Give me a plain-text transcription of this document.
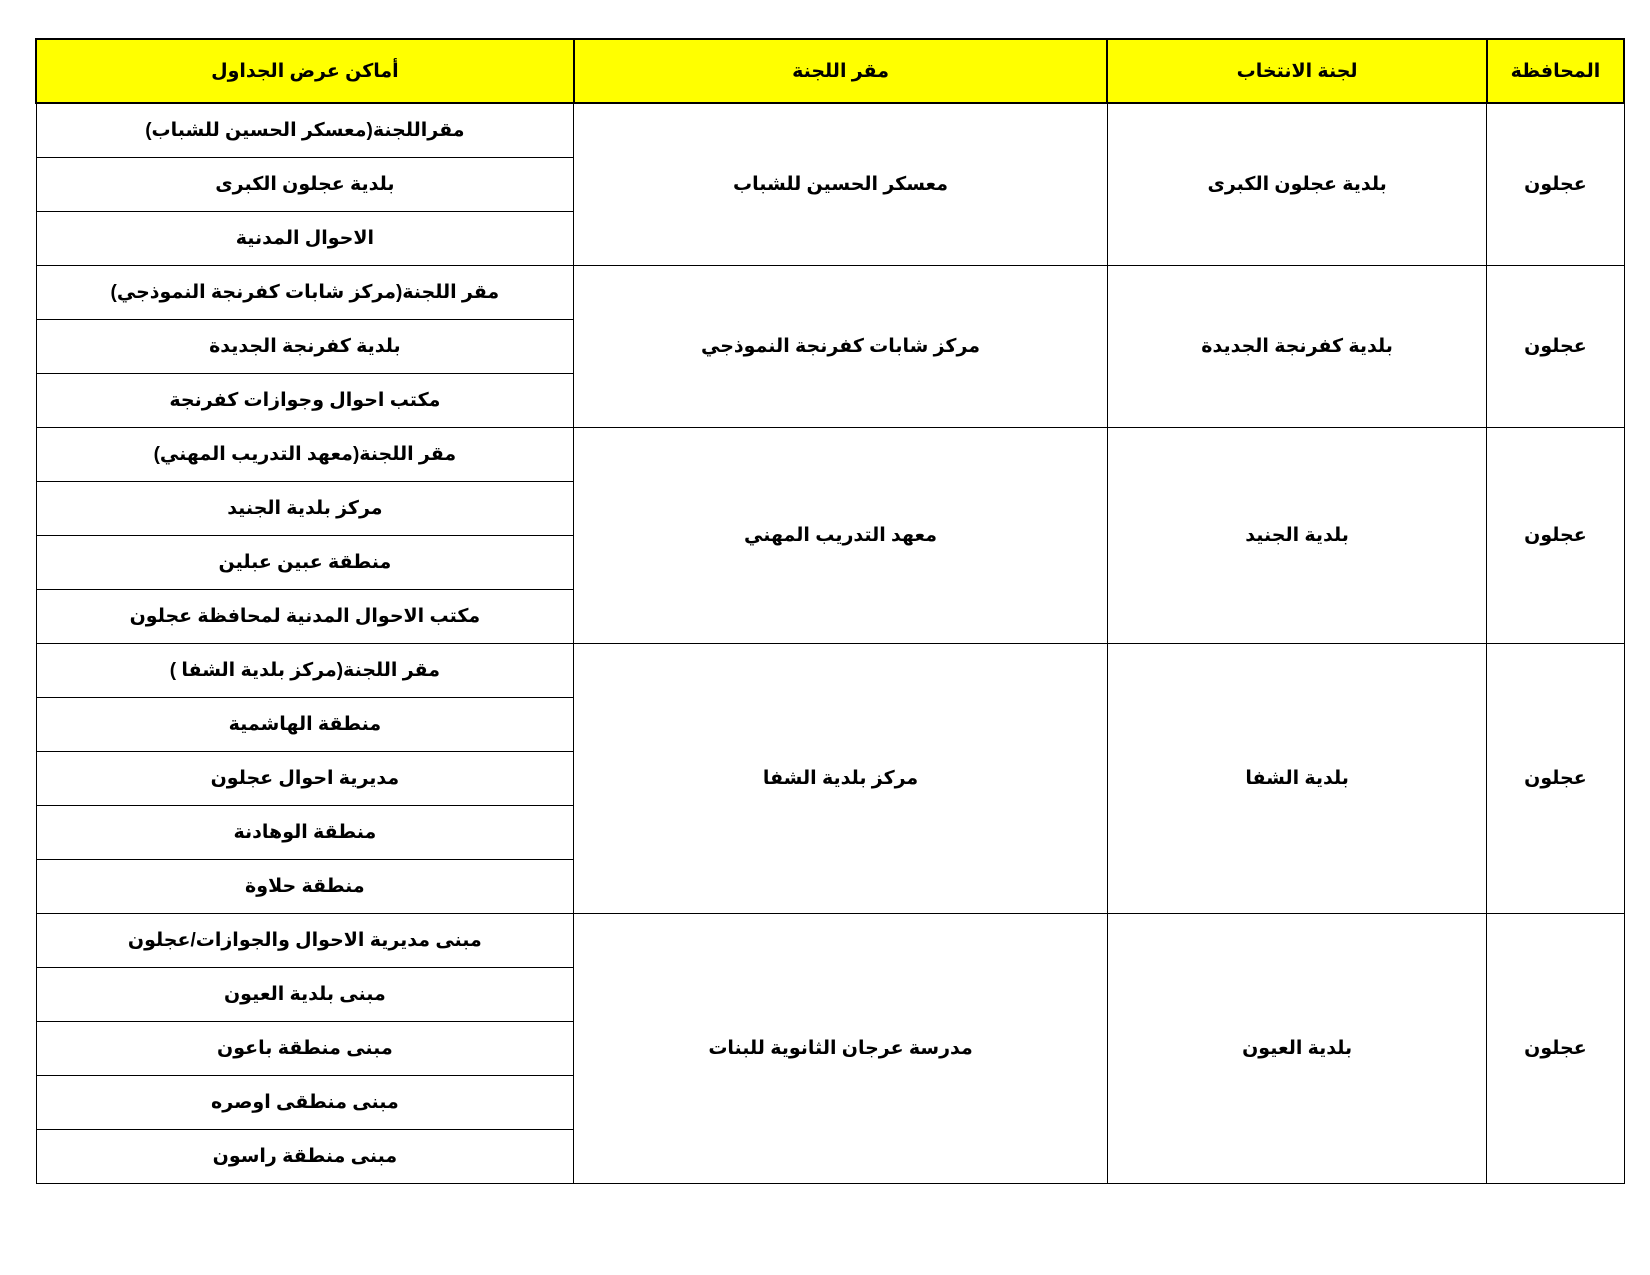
أماكن عرض الجداول	مقر اللجنة	لجنة الانتخاب	المحافظة
مقراللجنة(معسكر الحسين للشباب)	معسكر الحسين للشباب	بلدية عجلون الكبرى	عجلون
بلدية عجلون الكبرى			
الاحوال المدنية			
مقر اللجنة(مركز شابات كفرنجة النموذجي)	مركز شابات كفرنجة النموذجي	بلدية كفرنجة الجديدة	عجلون
بلدية كفرنجة الجديدة			
مكتب احوال وجوازات كفرنجة			
مقر اللجنة(معهد التدريب المهني)	معهد التدريب المهني	بلدية الجنيد	عجلون
مركز بلدية الجنيد			
منطقة عبين عبلين			
مكتب الاحوال المدنية لمحافظة عجلون			
مقر اللجنة(مركز بلدية الشفا )	مركز بلدية الشفا	بلدية الشفا	عجلون
منطقة الهاشمية			
مديرية احوال عجلون			
منطقة الوهادنة			
منطقة حلاوة			
مبنى مديرية الاحوال والجوازات/عجلون	مدرسة عرجان الثانوية للبنات	بلدية العيون	عجلون
مبنى بلدية العيون			
مبنى منطقة باعون			
مبنى منطقى اوصره			
مبنى منطقة راسون			
